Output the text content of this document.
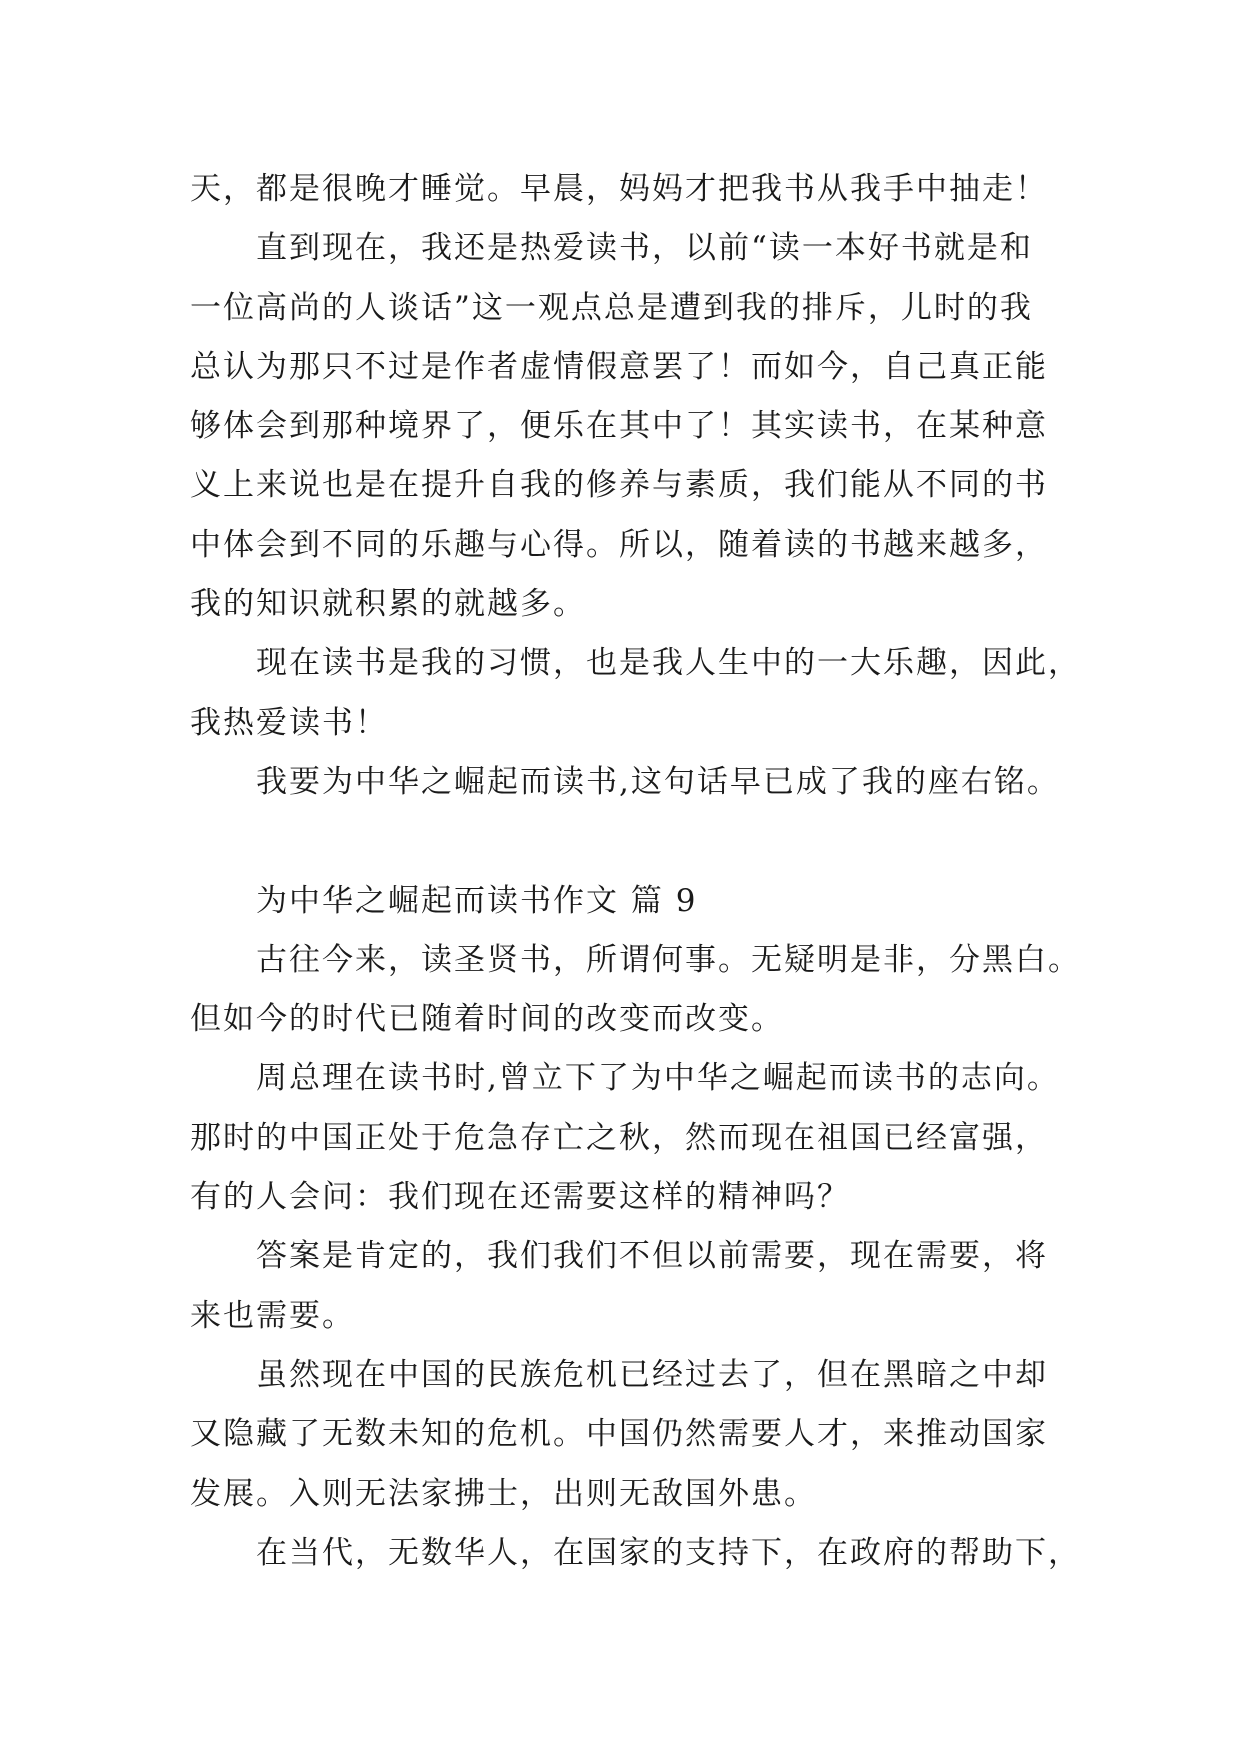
天，都是很晚才睡觉。早晨，妈妈才把我书从我手中抽走！
直到现在，我还是热爱读书，以前“读一本好书就是和
一位高尚的人谈话”这一观点总是遭到我的排斥，儿时的我
总认为那只不过是作者虚情假意罢了！而如今，自己真正能
够体会到那种境界了，便乐在其中了！其实读书，在某种意
义上来说也是在提升自我的修养与素质，我们能从不同的书
中体会到不同的乐趣与心得。所以，随着读的书越来越多，
我的知识就积累的就越多。
现在读书是我的习惯，也是我人生中的一大乐趣，因此，
我热爱读书！
我要为中华之崛起而读书,这句话早已成了我的座右铭。
为中华之崛起而读书作文 篇 9
古往今来，读圣贤书，所谓何事。无疑明是非，分黑白。
但如今的时代已随着时间的改变而改变。
周总理在读书时,曾立下了为中华之崛起而读书的志向。
那时的中国正处于危急存亡之秋，然而现在祖国已经富强，
有的人会问：我们现在还需要这样的精神吗？
答案是肯定的，我们我们不但以前需要，现在需要，将
来也需要。
虽然现在中国的民族危机已经过去了，但在黑暗之中却
又隐藏了无数未知的危机。中国仍然需要人才，来推动国家
发展。入则无法家拂士，出则无敌国外患。
在当代，无数华人，在国家的支持下，在政府的帮助下，
